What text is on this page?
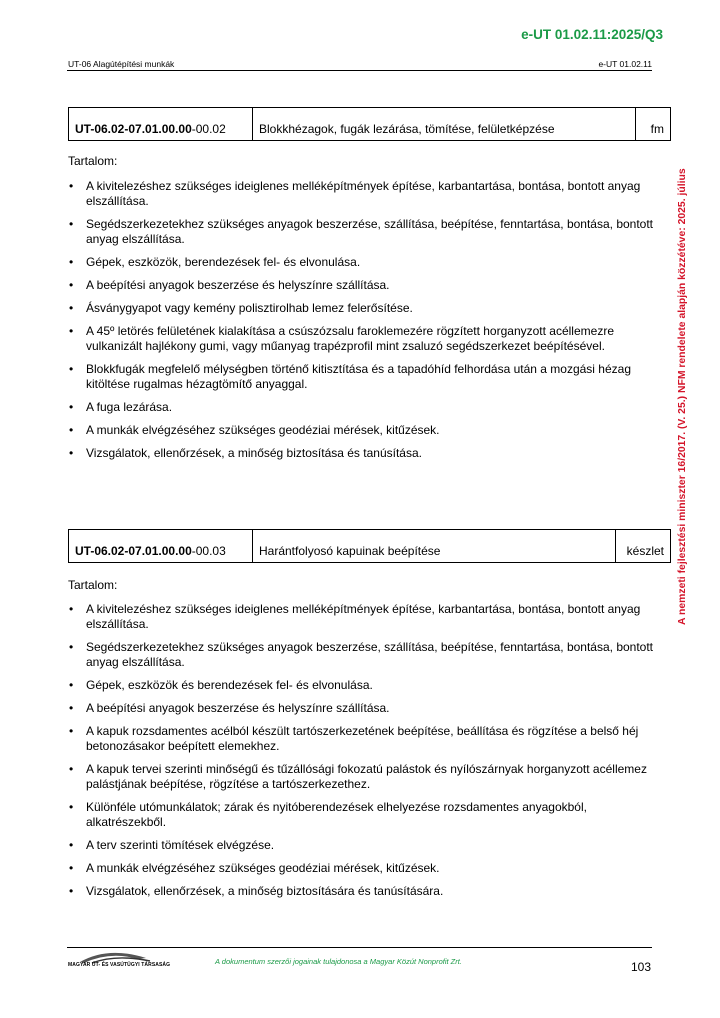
e-UT 01.02.11:2025/Q3
UT-06 Alagútépítési munkák	e-UT 01.02.11
A nemzeti fejlesztési miniszter 16/2017. (V. 25.) NFM rendelete alapján közzétéve: 2025. július
UT-06.02-07.01.00.00-00.02	Blokkhézagok, fugák lezárása, tömítése, felületképzése	fm
Tartalom:
• A kivitelezéshez szükséges ideiglenes melléképítmények építése, karbantartása, bontása, bontott anyag elszállítása.
• Segédszerkezetekhez szükséges anyagok beszerzése, szállítása, beépítése, fenntartása, bontása, bontott anyag elszállítása.
• Gépek, eszközök, berendezések fel- és elvonulása.
• A beépítési anyagok beszerzése és helyszínre szállítása.
• Ásványgyapot vagy kemény polisztirolhab lemez felerősítése.
• A 45º letörés felületének kialakítása a csúszózsalu faroklemezére rögzített horganyzott acéllemezre vulkanizált hajlékony gumi, vagy műanyag trapézprofil mint zsaluzó segédszerkezet beépítésével.
• Blokkfugák megfelelő mélységben történő kitisztítása és a tapadóhíd felhordása után a mozgási hézag kitöltése rugalmas hézagtömítő anyaggal.
• A fuga lezárása.
• A munkák elvégzéséhez szükséges geodéziai mérések, kitűzések.
• Vizsgálatok, ellenőrzések, a minőség biztosítása és tanúsítása.
UT-06.02-07.01.00.00-00.03	Harántfolyosó kapuinak beépítése	készlet
Tartalom:
• A kivitelezéshez szükséges ideiglenes melléképítmények építése, karbantartása, bontása, bontott anyag elszállítása.
• Segédszerkezetekhez szükséges anyagok beszerzése, szállítása, beépítése, fenntartása, bontása, bontott anyag elszállítása.
• Gépek, eszközök és berendezések fel- és elvonulása.
• A beépítési anyagok beszerzése és helyszínre szállítása.
• A kapuk rozsdamentes acélból készült tartószerkezetének beépítése, beállítása és rögzítése a belső héj betonozásakor beépített elemekhez.
• A kapuk tervei szerinti minőségű és tűzállósági fokozatú palástok és nyílószárnyak horganyzott acéllemez palástjának beépítése, rögzítése a tartószerkezethez.
• Különféle utómunkálatok; zárak és nyitóberendezések elhelyezése rozsdamentes anyagokból, alkatrészekből.
• A terv szerinti tömítések elvégzése.
• A munkák elvégzéséhez szükséges geodéziai mérések, kitűzések.
• Vizsgálatok, ellenőrzések, a minőség biztosítására és tanúsítására.
MAGYAR ÚT- ÉS VASÚTÜGYI TÁRSASÁG	A dokumentum szerzői jogainak tulajdonosa a Magyar Közút Nonprofit Zrt.	103
